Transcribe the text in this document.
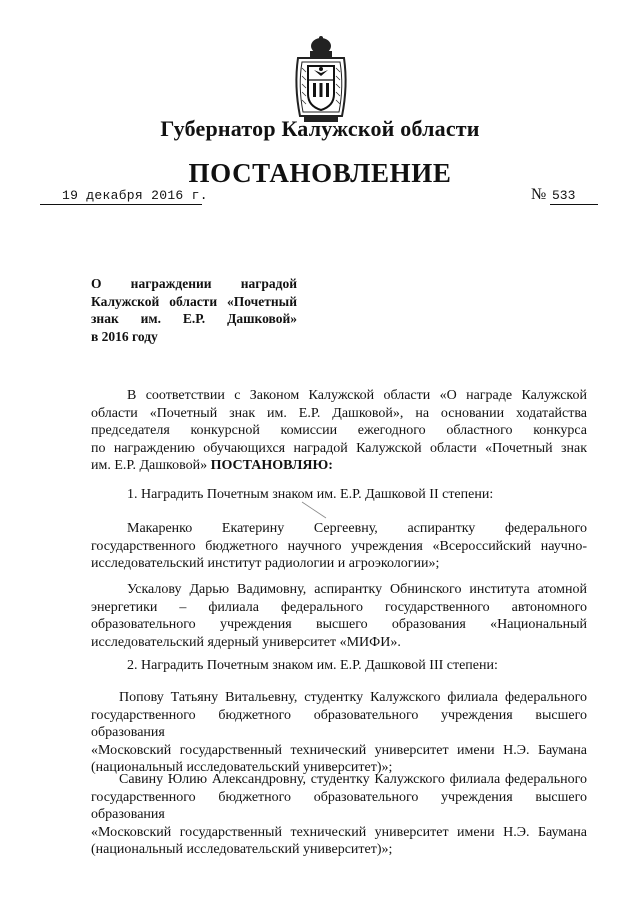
Губернатор Калужской области
ПОСТАНОВЛЕНИЕ
19 декабря 2016 г.	№ 533
О награждении наградой
Калужской области «Почетный
знак им. Е.Р. Дашковой»
в 2016 году

В соответствии с Законом Калужской области «О награде Калужской
области «Почетный знак им. Е.Р. Дашковой», на основании ходатайства
председателя конкурсной комиссии ежегодного областного конкурса
по награждению обучающихся наградой Калужской области «Почетный знак
им. Е.Р. Дашковой» ПОСТАНОВЛЯЮ:

1. Наградить Почетным знаком им. Е.Р. Дашковой II степени:

Макаренко Екатерину Сергеевну, аспирантку федерального
государственного бюджетного научного учреждения «Всероссийский научно-
исследовательский институт радиологии и агроэкологии»;

Ускалову Дарью Вадимовну, аспирантку Обнинского института атомной
энергетики – филиала федерального государственного автономного
образовательного учреждения высшего образования «Национальный
исследовательский ядерный университет «МИФИ».

2. Наградить Почетным знаком им. Е.Р. Дашковой III степени:

Попову Татьяну Витальевну, студентку Калужского филиала федерального
государственного бюджетного образовательного учреждения высшего образования
«Московский государственный технический университет имени Н.Э. Баумана
(национальный исследовательский университет)»;

Савину Юлию Александровну, студентку Калужского филиала федерального
государственного бюджетного образовательного учреждения высшего образования
«Московский государственный технический университет имени Н.Э. Баумана
(национальный исследовательский университет)»;
